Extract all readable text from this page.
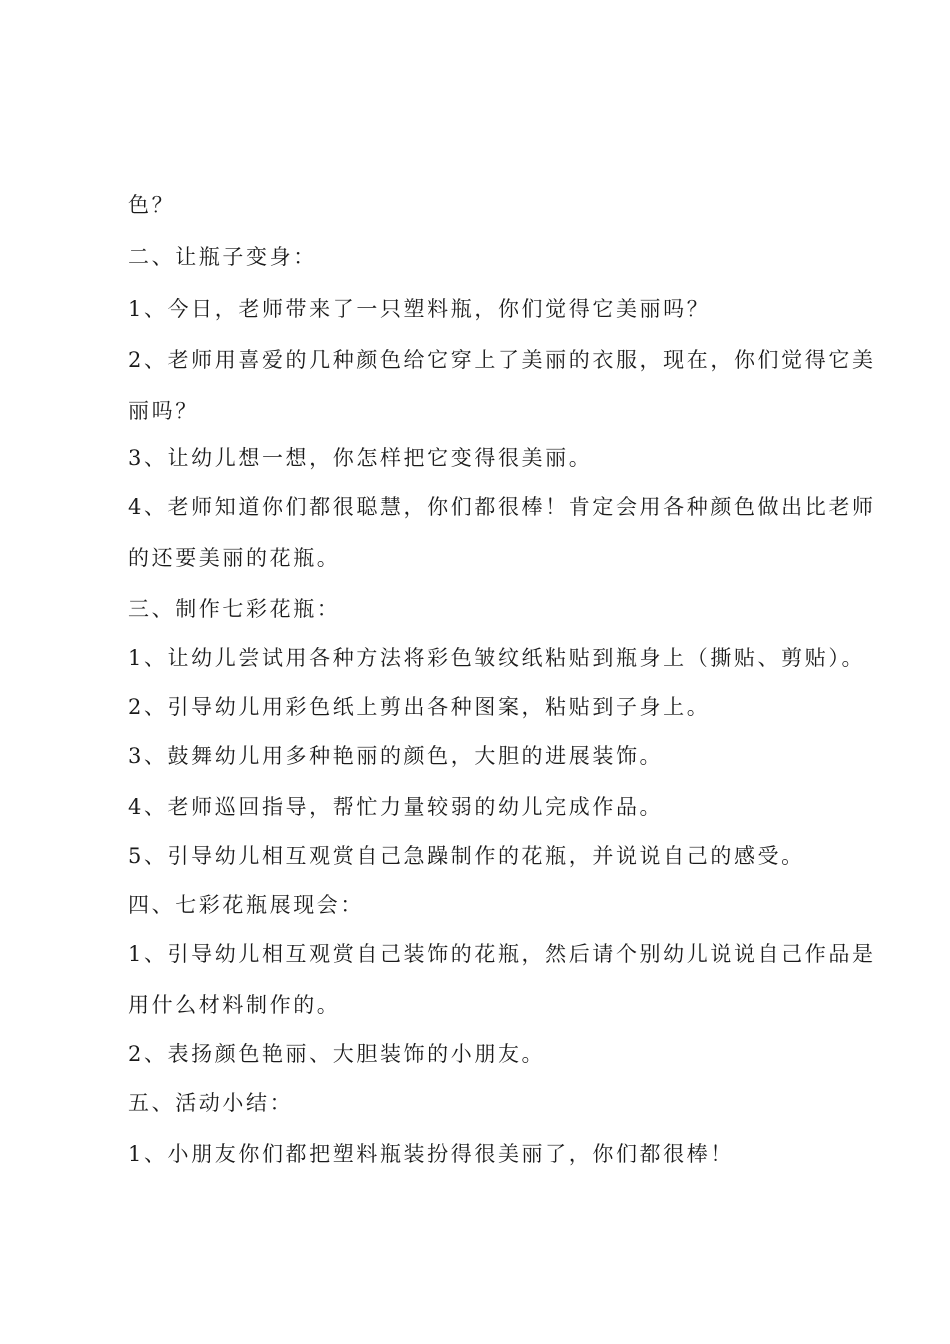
色？
二、让瓶子变身：
1、今日，老师带来了一只塑料瓶，你们觉得它美丽吗？
2、老师用喜爱的几种颜色给它穿上了美丽的衣服，现在，你们觉得它美
丽吗？
3、让幼儿想一想，你怎样把它变得很美丽。
4、老师知道你们都很聪慧，你们都很棒！肯定会用各种颜色做出比老师
的还要美丽的花瓶。
三、制作七彩花瓶：
1、让幼儿尝试用各种方法将彩色皱纹纸粘贴到瓶身上（撕贴、剪贴）。
2、引导幼儿用彩色纸上剪出各种图案，粘贴到子身上。
3、鼓舞幼儿用多种艳丽的颜色，大胆的进展装饰。
4、老师巡回指导，帮忙力量较弱的幼儿完成作品。
5、引导幼儿相互观赏自己急躁制作的花瓶，并说说自己的感受。
四、七彩花瓶展现会：
1、引导幼儿相互观赏自己装饰的花瓶，然后请个别幼儿说说自己作品是
用什么材料制作的。
2、表扬颜色艳丽、大胆装饰的小朋友。
五、活动小结：
1、小朋友你们都把塑料瓶装扮得很美丽了，你们都很棒！
